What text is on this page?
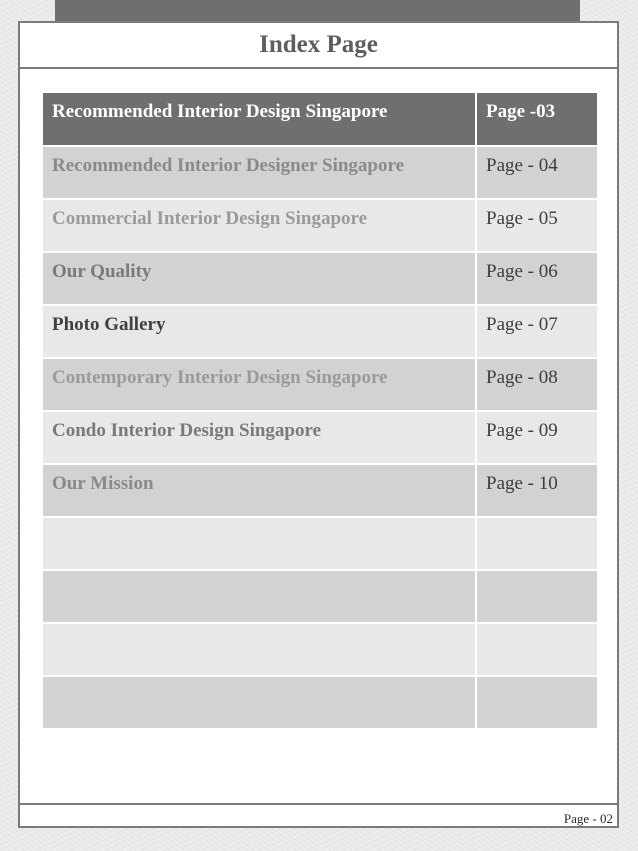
Index Page
Recommended Interior Design Singapore	Page -03
Recommended Interior Designer Singapore	Page - 04
Commercial Interior Design Singapore	Page - 05
Our Quality	Page - 06
Photo Gallery	Page - 07
Contemporary Interior Design Singapore	Page - 08
Condo Interior Design Singapore	Page - 09
Our Mission	Page - 10

Page - 02
